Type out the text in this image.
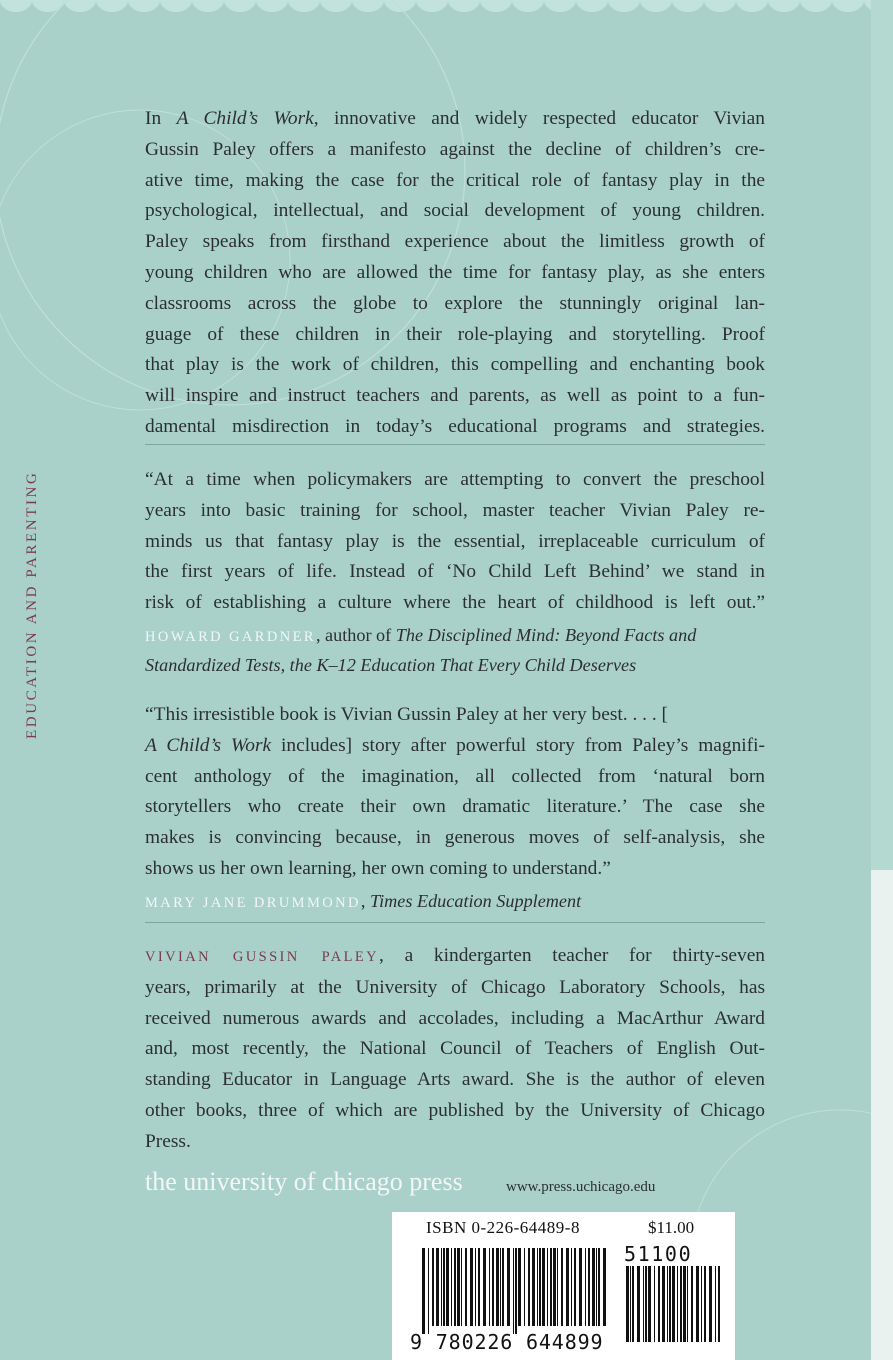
EDUCATION AND PARENTING
In A Child’s Work, innovative and widely respected educator Vivian
Gussin Paley offers a manifesto against the decline of children’s cre-
ative time, making the case for the critical role of fantasy play in the
psychological, intellectual, and social development of young children.
Paley speaks from firsthand experience about the limitless growth of
young children who are allowed the time for fantasy play, as she enters
classrooms across the globe to explore the stunningly original lan-
guage of these children in their role-playing and storytelling. Proof
that play is the work of children, this compelling and enchanting book
will inspire and instruct teachers and parents, as well as point to a fun-
damental misdirection in today’s educational programs and strategies.
“At a time when policymakers are attempting to convert the preschool
years into basic training for school, master teacher Vivian Paley re-
minds us that fantasy play is the essential, irreplaceable curriculum of
the first years of life. Instead of ‘No Child Left Behind’ we stand in
risk of establishing a culture where the heart of childhood is left out.”
HOWARD GARDNER, author of The Disciplined Mind: Beyond Facts and
Standardized Tests, the K–12 Education That Every Child Deserves
“This irresistible book is Vivian Gussin Paley at her very best. . . . [
A Child’s Work includes] story after powerful story from Paley’s magnifi-
cent anthology of the imagination, all collected from ‘natural born
storytellers who create their own dramatic literature.’ The case she
makes is convincing because, in generous moves of self-analysis, she
shows us her own learning, her own coming to understand.”
MARY JANE DRUMMOND, Times Education Supplement
VIVIAN GUSSIN PALEY, a kindergarten teacher for thirty-seven
years, primarily at the University of Chicago Laboratory Schools, has
received numerous awards and accolades, including a MacArthur Award
and, most recently, the National Council of Teachers of English Out-
standing Educator in Language Arts award. She is the author of eleven
other books, three of which are published by the University of Chicago
Press.
the university of chicago press	www.press.uchicago.edu
ISBN 0-226-64489-8	$11.00
51100
9 780226 644899
